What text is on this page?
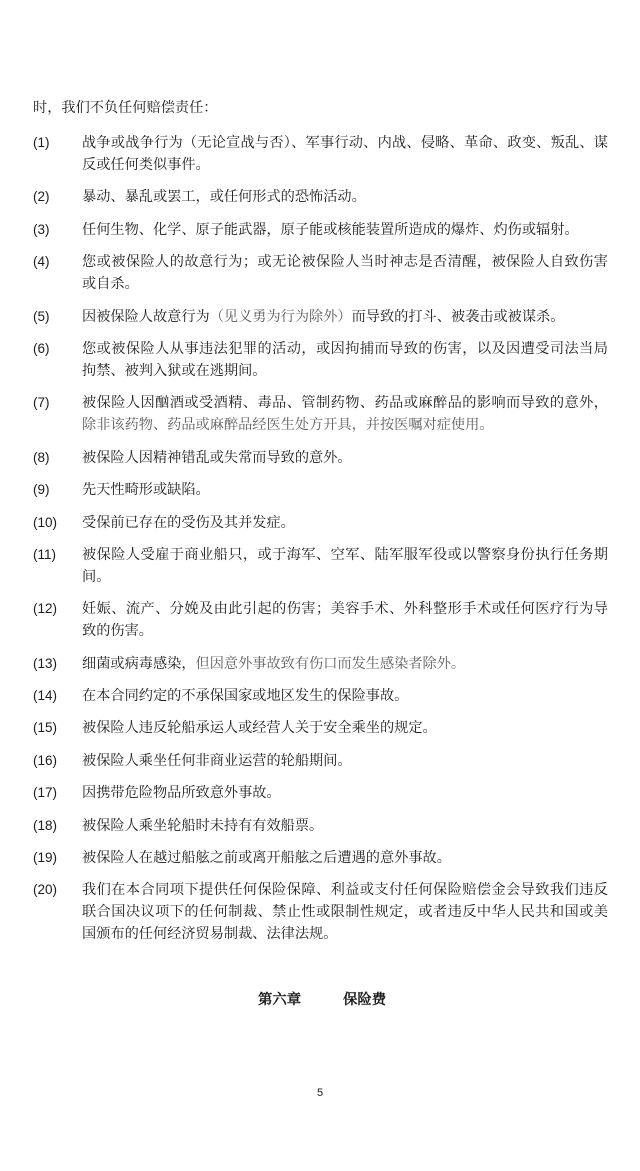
时，我们不负任何赔偿责任：
(1)	战争或战争行为（无论宣战与否）、军事行动、内战、侵略、革命、政变、叛乱、谋
反或任何类似事件。
(2)	暴动、暴乱或罢工，或任何形式的恐怖活动。
(3)	任何生物、化学、原子能武器，原子能或核能装置所造成的爆炸、灼伤或辐射。
(4)	您或被保险人的故意行为；或无论被保险人当时神志是否清醒，被保险人自致伤害
或自杀。
(5)	因被保险人故意行为（见义勇为行为除外）而导致的打斗、被袭击或被谋杀。
(6)	您或被保险人从事违法犯罪的活动，或因拘捕而导致的伤害，以及因遭受司法当局
拘禁、被判入狱或在逃期间。
(7)	被保险人因酗酒或受酒精、毒品、管制药物、药品或麻醉品的影响而导致的意外，
除非该药物、药品或麻醉品经医生处方开具，并按医嘱对症使用。
(8)	被保险人因精神错乱或失常而导致的意外。
(9)	先天性畸形或缺陷。
(10)	受保前已存在的受伤及其并发症。
(11)	被保险人受雇于商业船只，或于海军、空军、陆军服军役或以警察身份执行任务期
间。
(12)	妊娠、流产、分娩及由此引起的伤害；美容手术、外科整形手术或任何医疗行为导
致的伤害。
(13)	细菌或病毒感染，但因意外事故致有伤口而发生感染者除外。
(14)	在本合同约定的不承保国家或地区发生的保险事故。
(15)	被保险人违反轮船承运人或经营人关于安全乘坐的规定。
(16)	被保险人乘坐任何非商业运营的轮船期间。
(17)	因携带危险物品所致意外事故。
(18)	被保险人乘坐轮船时未持有有效船票。
(19)	被保险人在越过船舷之前或离开船舷之后遭遇的意外事故。
(20)	我们在本合同项下提供任何保险保障、利益或支付任何保险赔偿金会导致我们违反
联合国决议项下的任何制裁、禁止性或限制性规定，或者违反中华人民共和国或美
国颁布的任何经济贸易制裁、法律法规。
第六章	保险费
5
